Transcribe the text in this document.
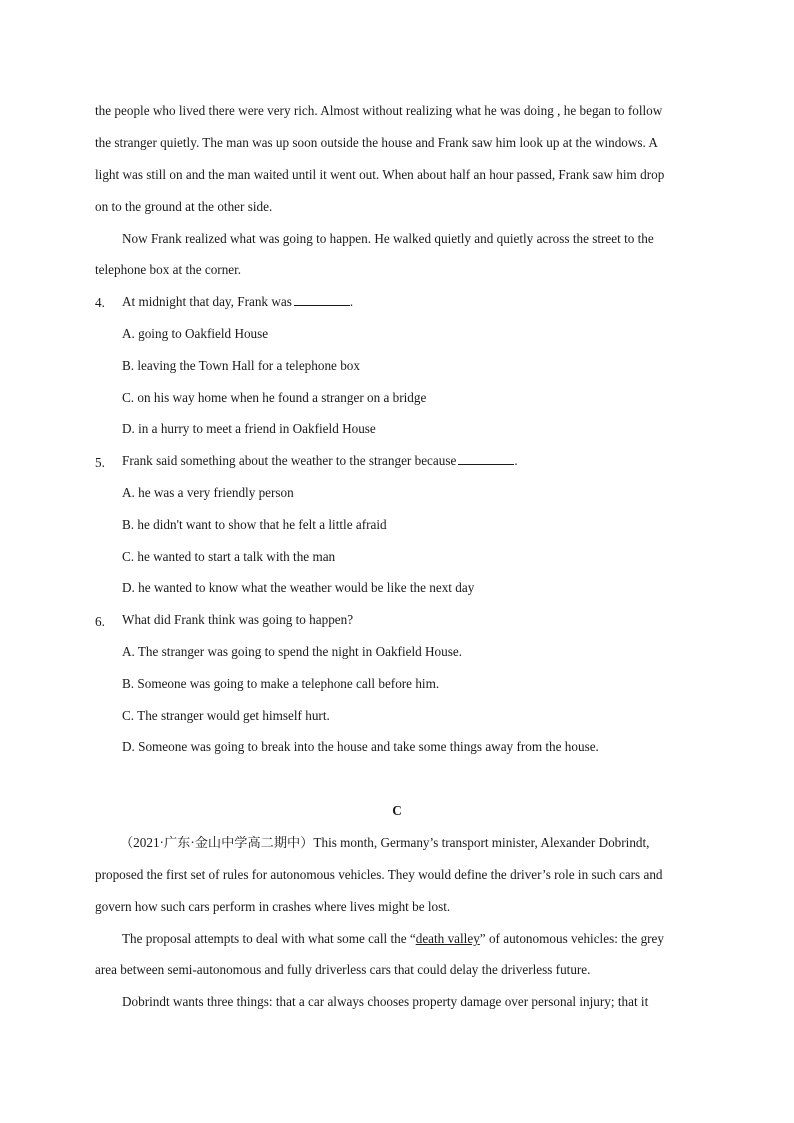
the people who lived there were very rich. Almost without realizing what he was doing , he began to follow
the stranger quietly. The man was up soon outside the house and Frank saw him look up at the windows. A
light was still on and the man waited until it went out. When about half an hour passed, Frank saw him drop
on to the ground at the other side.
Now Frank realized what was going to happen. He walked quietly and quietly across the street to the
telephone box at the corner.
4. At midnight that day, Frank was	.
A. going to Oakfield House
B. leaving the Town Hall for a telephone box
C. on his way home when he found a stranger on a bridge
D. in a hurry to meet a friend in Oakfield House
5. Frank said something about the weather to the stranger because	.
A. he was a very friendly person
B. he didn't want to show that he felt a little afraid
C. he wanted to start a talk with the man
D. he wanted to know what the weather would be like the next day
6. What did Frank think was going to happen?
A. The stranger was going to spend the night in Oakfield House.
B. Someone was going to make a telephone call before him.
C. The stranger would get himself hurt.
D. Someone was going to break into the house and take some things away from the house.
C
（2021·广东·金山中学高二期中）This month, Germany’s transport minister, Alexander Dobrindt,
proposed the first set of rules for autonomous vehicles. They would define the driver’s role in such cars and
govern how such cars perform in crashes where lives might be lost.
The proposal attempts to deal with what some call the “death valley” of autonomous vehicles: the grey
area between semi-autonomous and fully driverless cars that could delay the driverless future.
Dobrindt wants three things: that a car always chooses property damage over personal injury; that it
